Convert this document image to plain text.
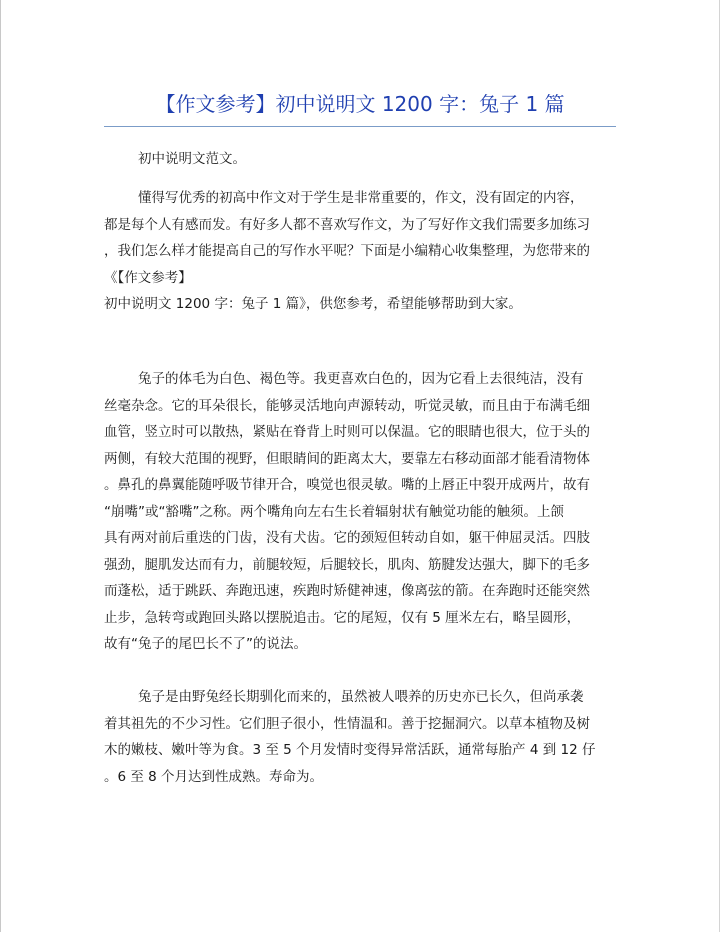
【作文参考】初中说明文 1200 字：兔子 1 篇

初中说明文范文。

懂得写优秀的初高中作文对于学生是非常重要的，作文，没有固定的内容，
都是每个人有感而发。有好多人都不喜欢写作文，为了写好作文我们需要多加练习
，我们怎么样才能提高自己的写作水平呢？下面是小编精心收集整理，为您带来的
《【作文参考】
初中说明文 1200 字：兔子 1 篇》，供您参考，希望能够帮助到大家。

兔子的体毛为白色、褐色等。我更喜欢白色的，因为它看上去很纯洁，没有
丝毫杂念。它的耳朵很长，能够灵活地向声源转动，听觉灵敏，而且由于布满毛细
血管，竖立时可以散热，紧贴在脊背上时则可以保温。它的眼睛也很大，位于头的
两侧，有较大范围的视野，但眼睛间的距离太大，要靠左右移动面部才能看清物体
。鼻孔的鼻翼能随呼吸节律开合，嗅觉也很灵敏。嘴的上唇正中裂开成两片，故有
“崩嘴”或“豁嘴”之称。两个嘴角向左右生长着辐射状有触觉功能的触须。上颌
具有两对前后重迭的门齿，没有犬齿。它的颈短但转动自如，躯干伸屈灵活。四肢
强劲，腿肌发达而有力，前腿较短，后腿较长，肌肉、筋腱发达强大，脚下的毛多
而蓬松，适于跳跃、奔跑迅速，疾跑时矫健神速，像离弦的箭。在奔跑时还能突然
止步，急转弯或跑回头路以摆脱追击。它的尾短，仅有 5 厘米左右，略呈圆形，
故有“兔子的尾巴长不了”的说法。

兔子是由野兔经长期驯化而来的，虽然被人喂养的历史亦已长久，但尚承袭
着其祖先的不少习性。它们胆子很小，性情温和。善于挖掘洞穴。以草本植物及树
木的嫩枝、嫩叶等为食。3 至 5 个月发情时变得异常活跃，通常每胎产 4 到 12 仔
。6 至 8 个月达到性成熟。寿命为。
